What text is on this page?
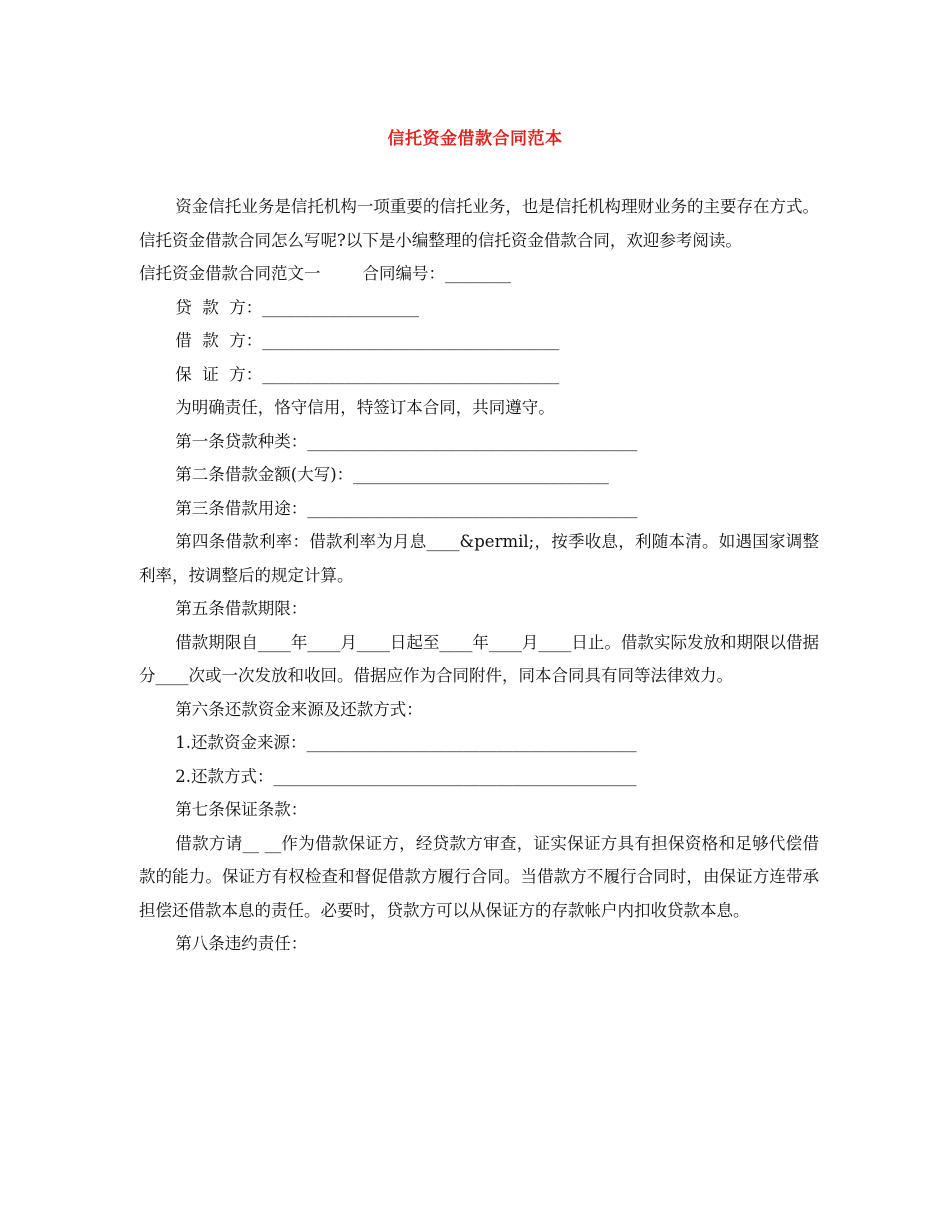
信托资金借款合同范本

资金信托业务是信托机构一项重要的信托业务，也是信托机构理财业务的主要存在方式。信托资金借款合同怎么写呢?以下是小编整理的信托资金借款合同，欢迎参考阅读。

信托资金借款合同范文一        合同编号：________

贷  款  方：___________________

借  款  方：____________________________________

保  证  方：____________________________________

为明确责任，恪守信用，特签订本合同，共同遵守。

第一条贷款种类：________________________________________

第二条借款金额(大写)：_______________________________

第三条借款用途：________________________________________

第四条借款利率：借款利率为月息____&permil;，按季收息，利随本清。如遇国家调整利率，按调整后的规定计算。

第五条借款期限：

借款期限自____年____月____日起至____年____月____日止。借款实际发放和期限以借据分____次或一次发放和收回。借据应作为合同附件，同本合同具有同等法律效力。

第六条还款资金来源及还款方式：

1.还款资金来源：________________________________________

2.还款方式：____________________________________________

第七条保证条款：

借款方请__ __作为借款保证方，经贷款方审查，证实保证方具有担保资格和足够代偿借款的能力。保证方有权检查和督促借款方履行合同。当借款方不履行合同时，由保证方连带承担偿还借款本息的责任。必要时，贷款方可以从保证方的存款帐户内扣收贷款本息。

第八条违约责任：
